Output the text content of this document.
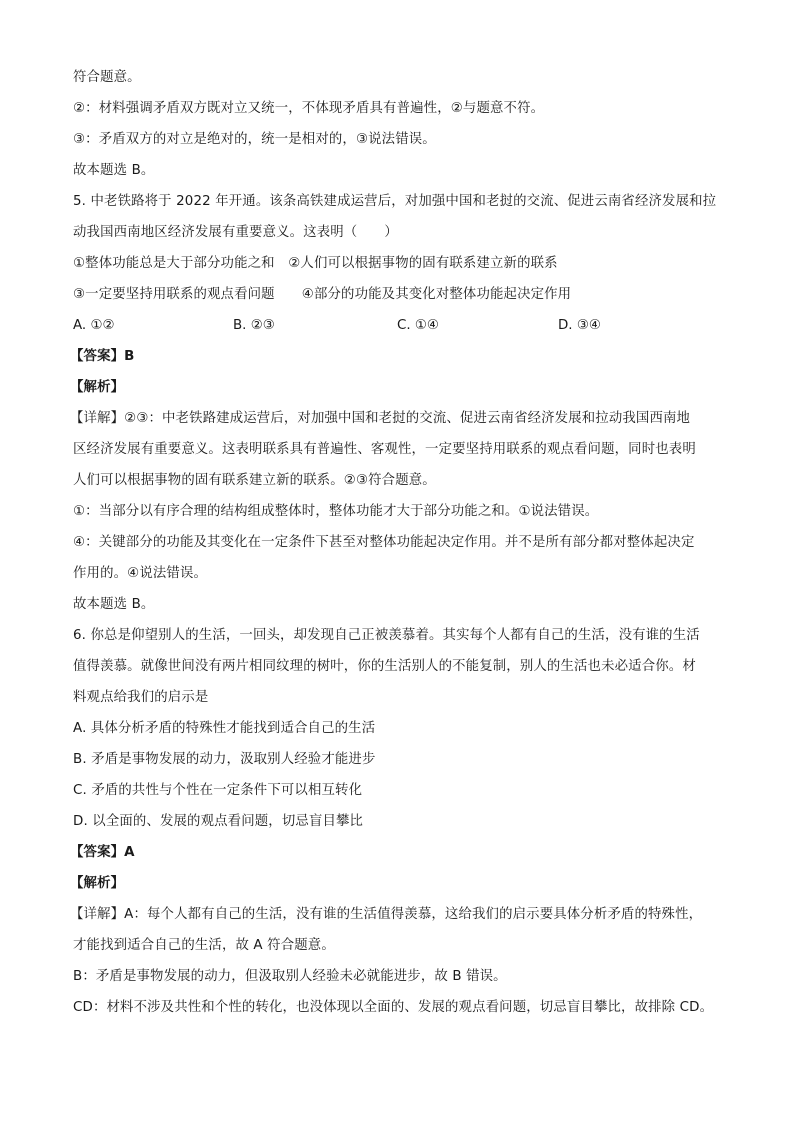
符合题意。
②：材料强调矛盾双方既对立又统一，不体现矛盾具有普遍性，②与题意不符。
③：矛盾双方的对立是绝对的，统一是相对的，③说法错误。
故本题选 B。
5. 中老铁路将于 2022 年开通。该条高铁建成运营后，对加强中国和老挝的交流、促进云南省经济发展和拉
动我国西南地区经济发展有重要意义。这表明（　　）
①整体功能总是大于部分功能之和　②人们可以根据事物的固有联系建立新的联系
③一定要坚持用联系的观点看问题　　④部分的功能及其变化对整体功能起决定作用
A. ①②	B. ②③	C. ①④	D. ③④
【答案】B
【解析】
【详解】②③：中老铁路建成运营后，对加强中国和老挝的交流、促进云南省经济发展和拉动我国西南地
区经济发展有重要意义。这表明联系具有普遍性、客观性，一定要坚持用联系的观点看问题，同时也表明
人们可以根据事物的固有联系建立新的联系。②③符合题意。
①：当部分以有序合理的结构组成整体时，整体功能才大于部分功能之和。①说法错误。
④：关键部分的功能及其变化在一定条件下甚至对整体功能起决定作用。并不是所有部分都对整体起决定
作用的。④说法错误。
故本题选 B。
6. 你总是仰望别人的生活，一回头，却发现自己正被羡慕着。其实每个人都有自己的生活，没有谁的生活
值得羡慕。就像世间没有两片相同纹理的树叶，你的生活别人的不能复制，别人的生活也未必适合你。材
料观点给我们的启示是
A. 具体分析矛盾的特殊性才能找到适合自己的生活
B. 矛盾是事物发展的动力，汲取别人经验才能进步
C. 矛盾的共性与个性在一定条件下可以相互转化
D. 以全面的、发展的观点看问题，切忌盲目攀比
【答案】A
【解析】
【详解】A：每个人都有自己的生活，没有谁的生活值得羡慕，这给我们的启示要具体分析矛盾的特殊性，
才能找到适合自己的生活，故 A 符合题意。
B：矛盾是事物发展的动力，但汲取别人经验未必就能进步，故 B 错误。
CD：材料不涉及共性和个性的转化，也没体现以全面的、发展的观点看问题，切忌盲目攀比，故排除 CD。
